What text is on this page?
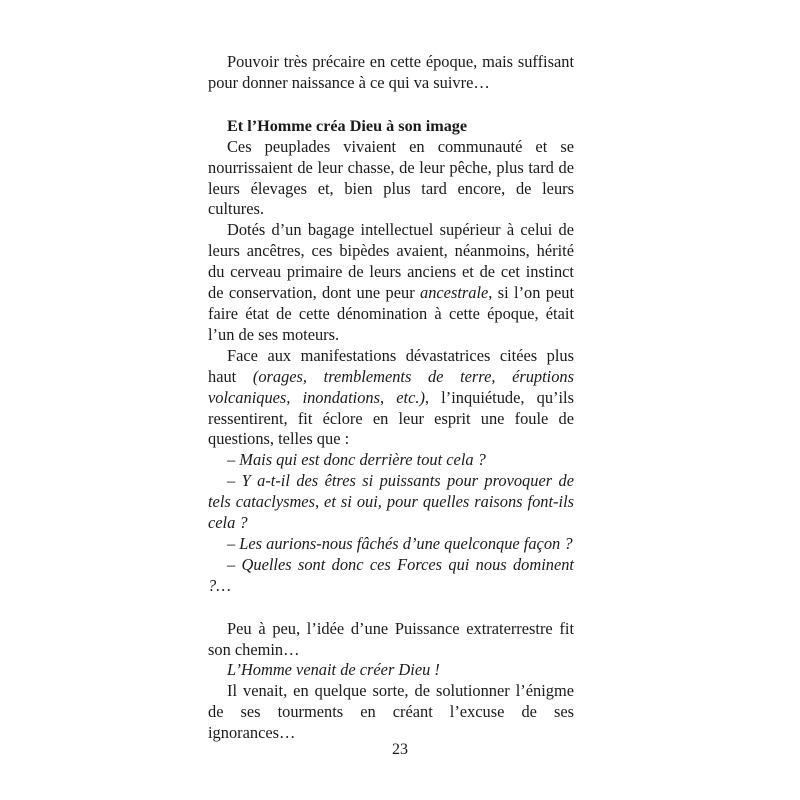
Pouvoir très précaire en cette époque, mais suffisant pour donner naissance à ce qui va suivre…

Et l’Homme créa Dieu à son image

Ces peuplades vivaient en communauté et se nourrissaient de leur chasse, de leur pêche, plus tard de leurs élevages et, bien plus tard encore, de leurs cultures.

Dotés d’un bagage intellectuel supérieur à celui de leurs ancêtres, ces bipèdes avaient, néanmoins, hérité du cerveau primaire de leurs anciens et de cet instinct de conservation, dont une peur ancestrale, si l’on peut faire état de cette dénomination à cette époque, était l’un de ses moteurs.

Face aux manifestations dévastatrices citées plus haut (orages, tremblements de terre, éruptions volcaniques, inondations, etc.), l’inquiétude, qu’ils ressentirent, fit éclore en leur esprit une foule de questions, telles que :

– Mais qui est donc derrière tout cela ?

– Y a-t-il des êtres si puissants pour provoquer de tels cataclysmes, et si oui, pour quelles raisons font-ils cela ?

– Les aurions-nous fâchés d’une quelconque façon ?

– Quelles sont donc ces Forces qui nous dominent ?…

Peu à peu, l’idée d’une Puissance extraterrestre fit son chemin…

L’Homme venait de créer Dieu !

Il venait, en quelque sorte, de solutionner l’énigme de ses tourments en créant l’excuse de ses ignorances…

23
